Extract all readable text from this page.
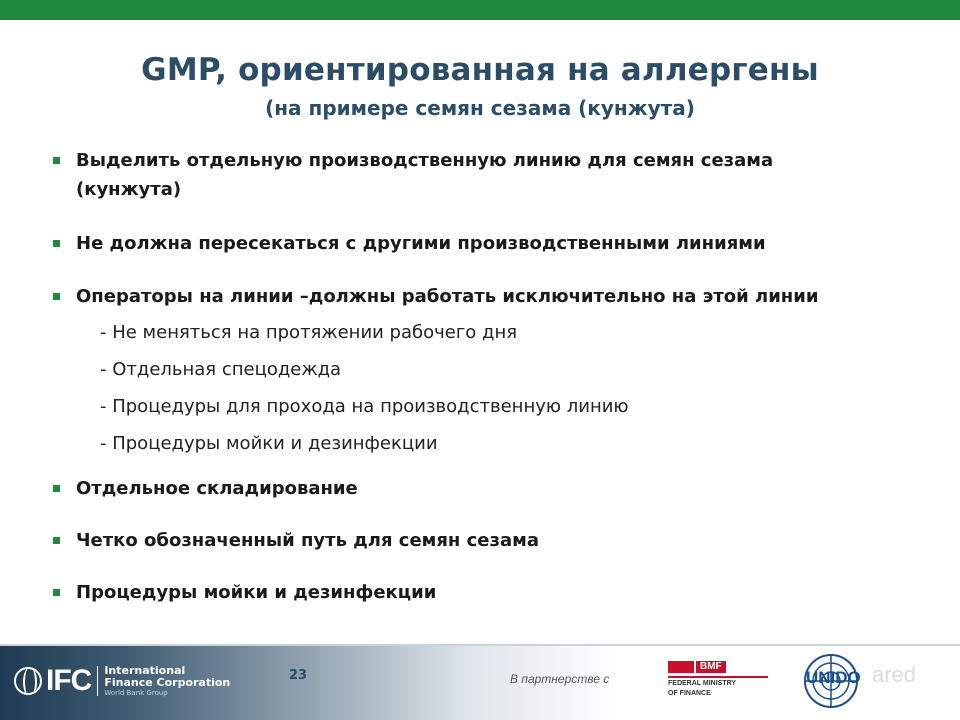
GMP, ориентированная на аллергены
(на примере семян сезама (кунжута)
Выделить отдельную производственную линию для семян сезама
(кунжута)
Не должна пересекаться с другими производственными линиями
Операторы на линии –должны работать исключительно на этой линии
- Не меняться на протяжении рабочего дня
- Отдельная спецодежда
- Процедуры для прохода на производственную линию
- Процедуры мойки и дезинфекции
Отдельное складирование
Четко обозначенный путь для семян сезама
Процедуры мойки и дезинфекции
IFC International
Finance Corporation
World Bank Group
23	В партнерстве с
BMF
FEDERAL MINISTRY
OF FINANCE
UNIDO ared
